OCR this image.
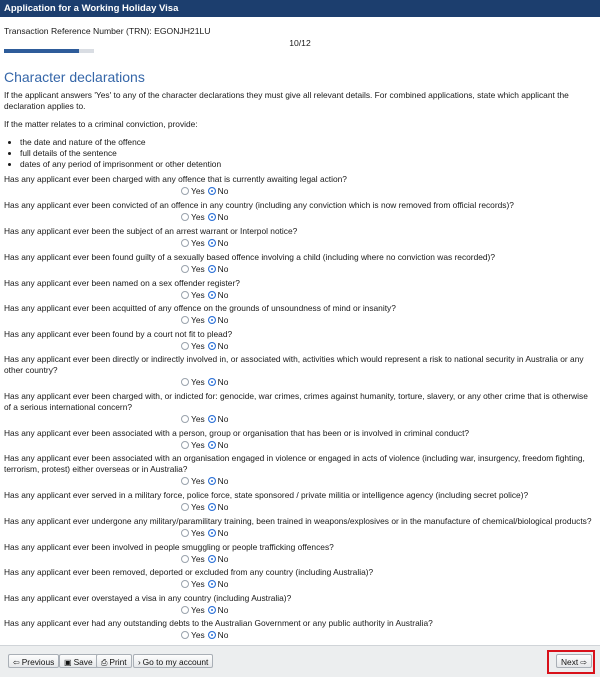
Application for a Working Holiday Visa
Transaction Reference Number (TRN): EGONJH21LU
10/12
Character declarations
If the applicant answers 'Yes' to any of the character declarations they must give all relevant details. For combined applications, state which applicant the declaration applies to.
If the matter relates to a criminal conviction, provide:
• the date and nature of the offence
• full details of the sentence
• dates of any period of imprisonment or other detention
Has any applicant ever been charged with any offence that is currently awaiting legal action?
Yes No
Has any applicant ever been convicted of an offence in any country (including any conviction which is now removed from official records)?
Yes No
Has any applicant ever been the subject of an arrest warrant or Interpol notice?
Yes No
Has any applicant ever been found guilty of a sexually based offence involving a child (including where no conviction was recorded)?
Yes No
Has any applicant ever been named on a sex offender register?
Yes No
Has any applicant ever been acquitted of any offence on the grounds of unsoundness of mind or insanity?
Yes No
Has any applicant ever been found by a court not fit to plead?
Yes No
Has any applicant ever been directly or indirectly involved in, or associated with, activities which would represent a risk to national security in Australia or any other country?
Yes No
Has any applicant ever been charged with, or indicted for: genocide, war crimes, crimes against humanity, torture, slavery, or any other crime that is otherwise of a serious international concern?
Yes No
Has any applicant ever been associated with a person, group or organisation that has been or is involved in criminal conduct?
Yes No
Has any applicant ever been associated with an organisation engaged in violence or engaged in acts of violence (including war, insurgency, freedom fighting, terrorism, protest) either overseas or in Australia?
Yes No
Has any applicant ever served in a military force, police force, state sponsored / private militia or intelligence agency (including secret police)?
Yes No
Has any applicant ever undergone any military/paramilitary training, been trained in weapons/explosives or in the manufacture of chemical/biological products?
Yes No
Has any applicant ever been involved in people smuggling or people trafficking offences?
Yes No
Has any applicant ever been removed, deported or excluded from any country (including Australia)?
Yes No
Has any applicant ever overstayed a visa in any country (including Australia)?
Yes No
Has any applicant ever had any outstanding debts to the Australian Government or any public authority in Australia?
Yes No
⇦ Previous	▣ Save	⎙ Print	› Go to my account	Next ⇨
